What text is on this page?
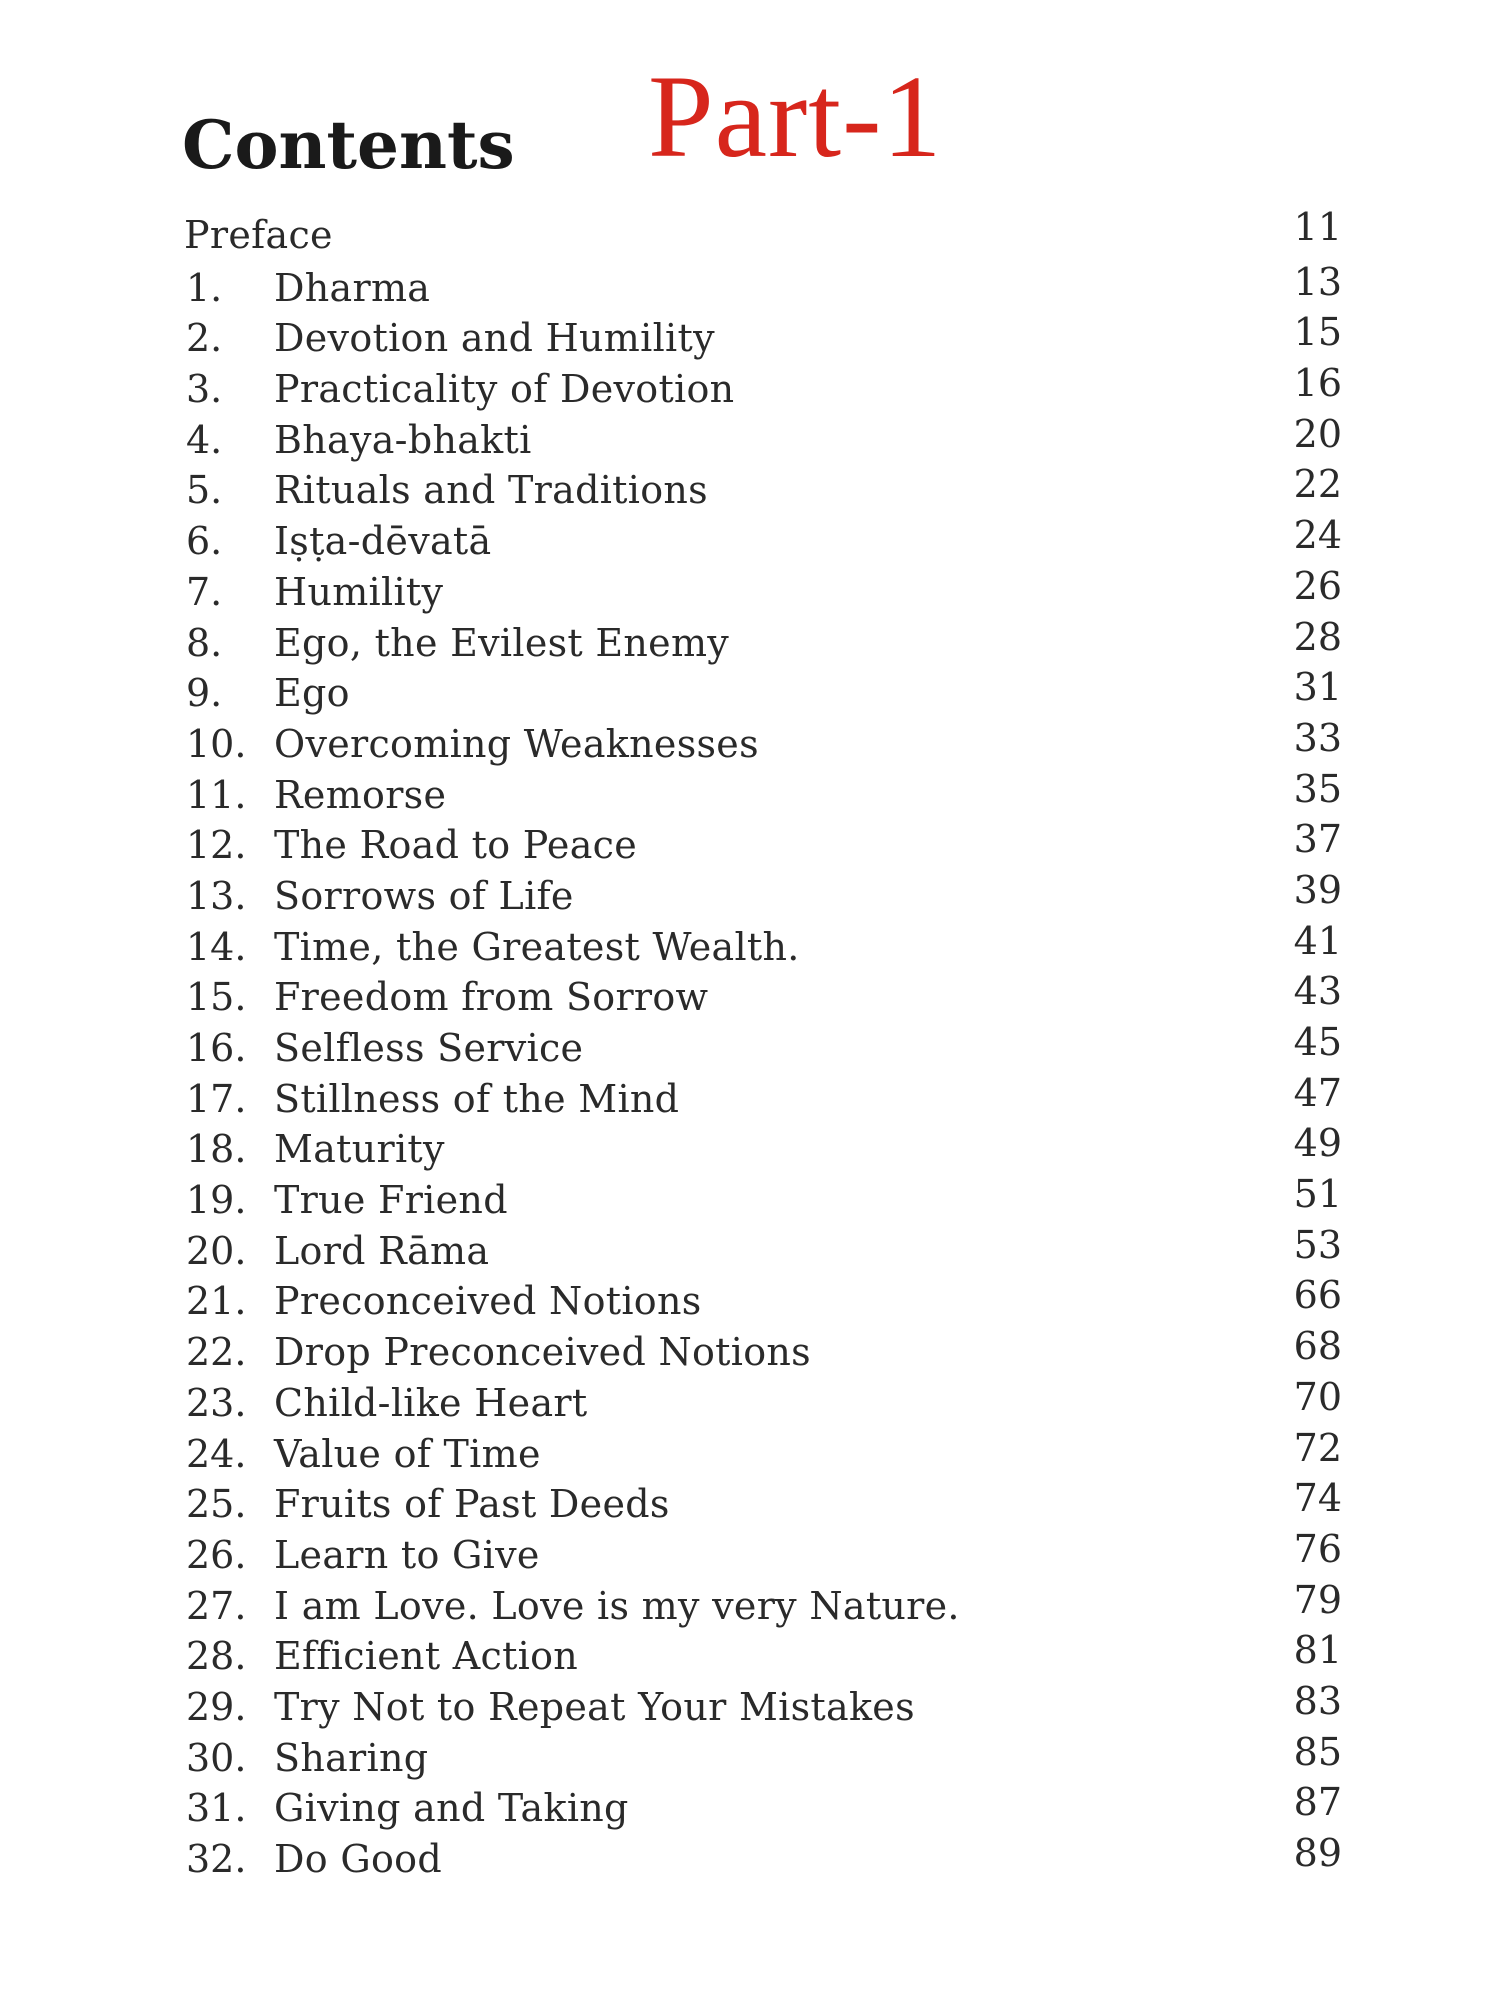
Part-1
Contents
Preface	11
1. Dharma	13
2. Devotion and Humility	15
3. Practicality of Devotion	16
4. Bhaya-bhakti	20
5. Rituals and Traditions	22
6. Iṣṭa-dēvatā	24
7. Humility	26
8. Ego, the Evilest Enemy	28
9. Ego	31
10. Overcoming Weaknesses	33
11. Remorse	35
12. The Road to Peace	37
13. Sorrows of Life	39
14. Time, the Greatest Wealth.	41
15. Freedom from Sorrow	43
16. Selfless Service	45
17. Stillness of the Mind	47
18. Maturity	49
19. True Friend	51
20. Lord Rāma	53
21. Preconceived Notions	66
22. Drop Preconceived Notions	68
23. Child-like Heart	70
24. Value of Time	72
25. Fruits of Past Deeds	74
26. Learn to Give	76
27. I am Love. Love is my very Nature.	79
28. Efficient Action	81
29. Try Not to Repeat Your Mistakes	83
30. Sharing	85
31. Giving and Taking	87
32. Do Good	89
